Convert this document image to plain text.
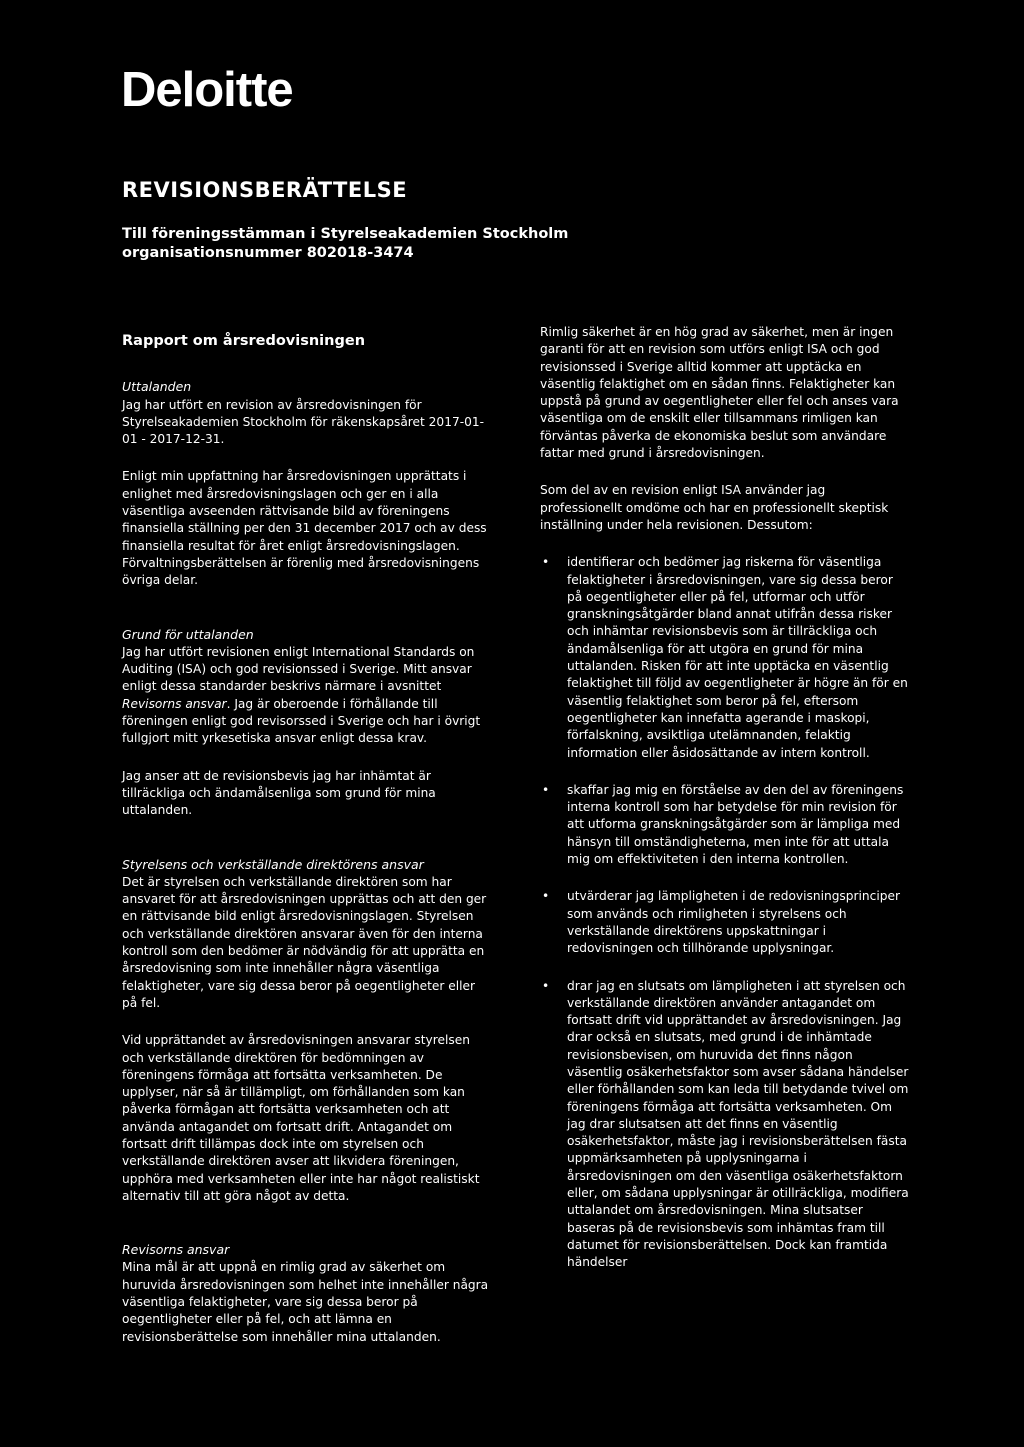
Deloitte
REVISIONSBERÄTTELSE
Till föreningsstämman i Styrelseakademien Stockholm
organisationsnummer 802018-3474
Rapport om årsredovisningen

Uttalanden

Jag har utfört en revision av årsredovisningen för Styrelseakademien Stockholm för räkenskapsåret 2017-01-01 - 2017-12-31.

Enligt min uppfattning har årsredovisningen upprättats i enlighet med årsredovisningslagen och ger en i alla väsentliga avseenden rättvisande bild av föreningens finansiella ställning per den 31 december 2017 och av dess finansiella resultat för året enligt årsredovisningslagen. Förvaltningsberättelsen är förenlig med årsredovisningens övriga delar.

Grund för uttalanden

Jag har utfört revisionen enligt International Standards on Auditing (ISA) och god revisionssed i Sverige. Mitt ansvar enligt dessa standarder beskrivs närmare i avsnittet Revisorns ansvar. Jag är oberoende i förhållande till föreningen enligt god revisorssed i Sverige och har i övrigt fullgjort mitt yrkesetiska ansvar enligt dessa krav.

Jag anser att de revisionsbevis jag har inhämtat är tillräckliga och ändamålsenliga som grund för mina uttalanden.

Styrelsens och verkställande direktörens ansvar

Det är styrelsen och verkställande direktören som har ansvaret för att årsredovisningen upprättas och att den ger en rättvisande bild enligt årsredovisningslagen. Styrelsen och verkställande direktören ansvarar även för den interna kontroll som den bedömer är nödvändig för att upprätta en årsredovisning som inte innehåller några väsentliga felaktigheter, vare sig dessa beror på oegentligheter eller på fel.

Vid upprättandet av årsredovisningen ansvarar styrelsen och verkställande direktören för bedömningen av föreningens förmåga att fortsätta verksamheten. De upplyser, när så är tillämpligt, om förhållanden som kan påverka förmågan att fortsätta verksamheten och att använda antagandet om fortsatt drift. Antagandet om fortsatt drift tillämpas dock inte om styrelsen och verkställande direktören avser att likvidera föreningen, upphöra med verksamheten eller inte har något realistiskt alternativ till att göra något av detta.

Revisorns ansvar

Mina mål är att uppnå en rimlig grad av säkerhet om huruvida årsredovisningen som helhet inte innehåller några väsentliga felaktigheter, vare sig dessa beror på oegentligheter eller på fel, och att lämna en revisionsberättelse som innehåller mina uttalanden.

Rimlig säkerhet är en hög grad av säkerhet, men är ingen garanti för att en revision som utförs enligt ISA och god revisionssed i Sverige alltid kommer att upptäcka en väsentlig felaktighet om en sådan finns. Felaktigheter kan uppstå på grund av oegentligheter eller fel och anses vara väsentliga om de enskilt eller tillsammans rimligen kan förväntas påverka de ekonomiska beslut som användare fattar med grund i årsredovisningen.

Som del av en revision enligt ISA använder jag professionellt omdöme och har en professionellt skeptisk inställning under hela revisionen. Dessutom:

• identifierar och bedömer jag riskerna för väsentliga felaktigheter i årsredovisningen, vare sig dessa beror på oegentligheter eller på fel, utformar och utför granskningsåtgärder bland annat utifrån dessa risker och inhämtar revisionsbevis som är tillräckliga och ändamålsenliga för att utgöra en grund för mina uttalanden. Risken för att inte upptäcka en väsentlig felaktighet till följd av oegentligheter är högre än för en väsentlig felaktighet som beror på fel, eftersom oegentligheter kan innefatta agerande i maskopi, förfalskning, avsiktliga utelämnanden, felaktig information eller åsidosättande av intern kontroll.
• skaffar jag mig en förståelse av den del av föreningens interna kontroll som har betydelse för min revision för att utforma granskningsåtgärder som är lämpliga med hänsyn till omständigheterna, men inte för att uttala mig om effektiviteten i den interna kontrollen.
• utvärderar jag lämpligheten i de redovisningsprinciper som används och rimligheten i styrelsens och verkställande direktörens uppskattningar i redovisningen och tillhörande upplysningar.
• drar jag en slutsats om lämpligheten i att styrelsen och verkställande direktören använder antagandet om fortsatt drift vid upprättandet av årsredovisningen. Jag drar också en slutsats, med grund i de inhämtade revisionsbevisen, om huruvida det finns någon väsentlig osäkerhetsfaktor som avser sådana händelser eller förhållanden som kan leda till betydande tvivel om föreningens förmåga att fortsätta verksamheten. Om jag drar slutsatsen att det finns en väsentlig osäkerhetsfaktor, måste jag i revisionsberättelsen fästa uppmärksamheten på upplysningarna i årsredovisningen om den väsentliga osäkerhetsfaktorn eller, om sådana upplysningar är otillräckliga, modifiera uttalandet om årsredovisningen. Mina slutsatser baseras på de revisionsbevis som inhämtas fram till datumet för revisionsberättelsen. Dock kan framtida händelser
